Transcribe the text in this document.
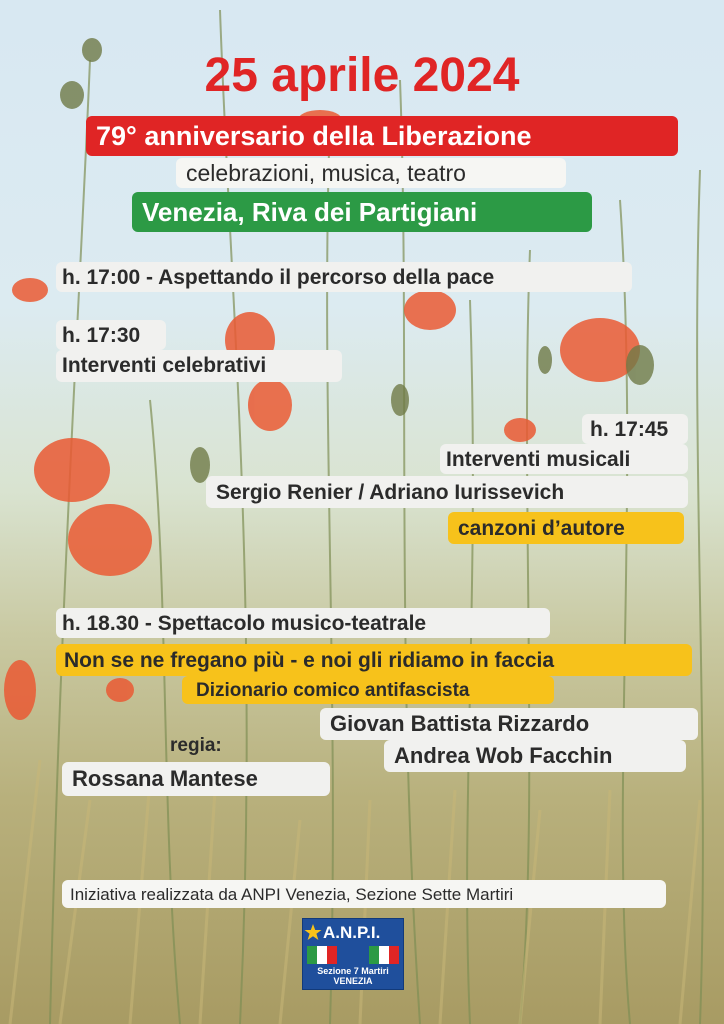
25 aprile 2024
79° anniversario della Liberazione
celebrazioni, musica, teatro
Venezia, Riva dei Partigiani
h. 17:00 - Aspettando il percorso della pace
h. 17:30
Interventi celebrativi
h. 17:45
Interventi musicali
Sergio Renier / Adriano Iurissevich
canzoni d’autore
h. 18.30 - Spettacolo musico-teatrale
Non se ne fregano più - e noi gli ridiamo in faccia
Dizionario comico antifascista
Giovan Battista Rizzardo
Andrea Wob Facchin
regia:
Rossana Mantese
Iniziativa realizzata da ANPI Venezia, Sezione Sette Martiri
A.N.P.I.
Sezione 7 Martiri
VENEZIA
